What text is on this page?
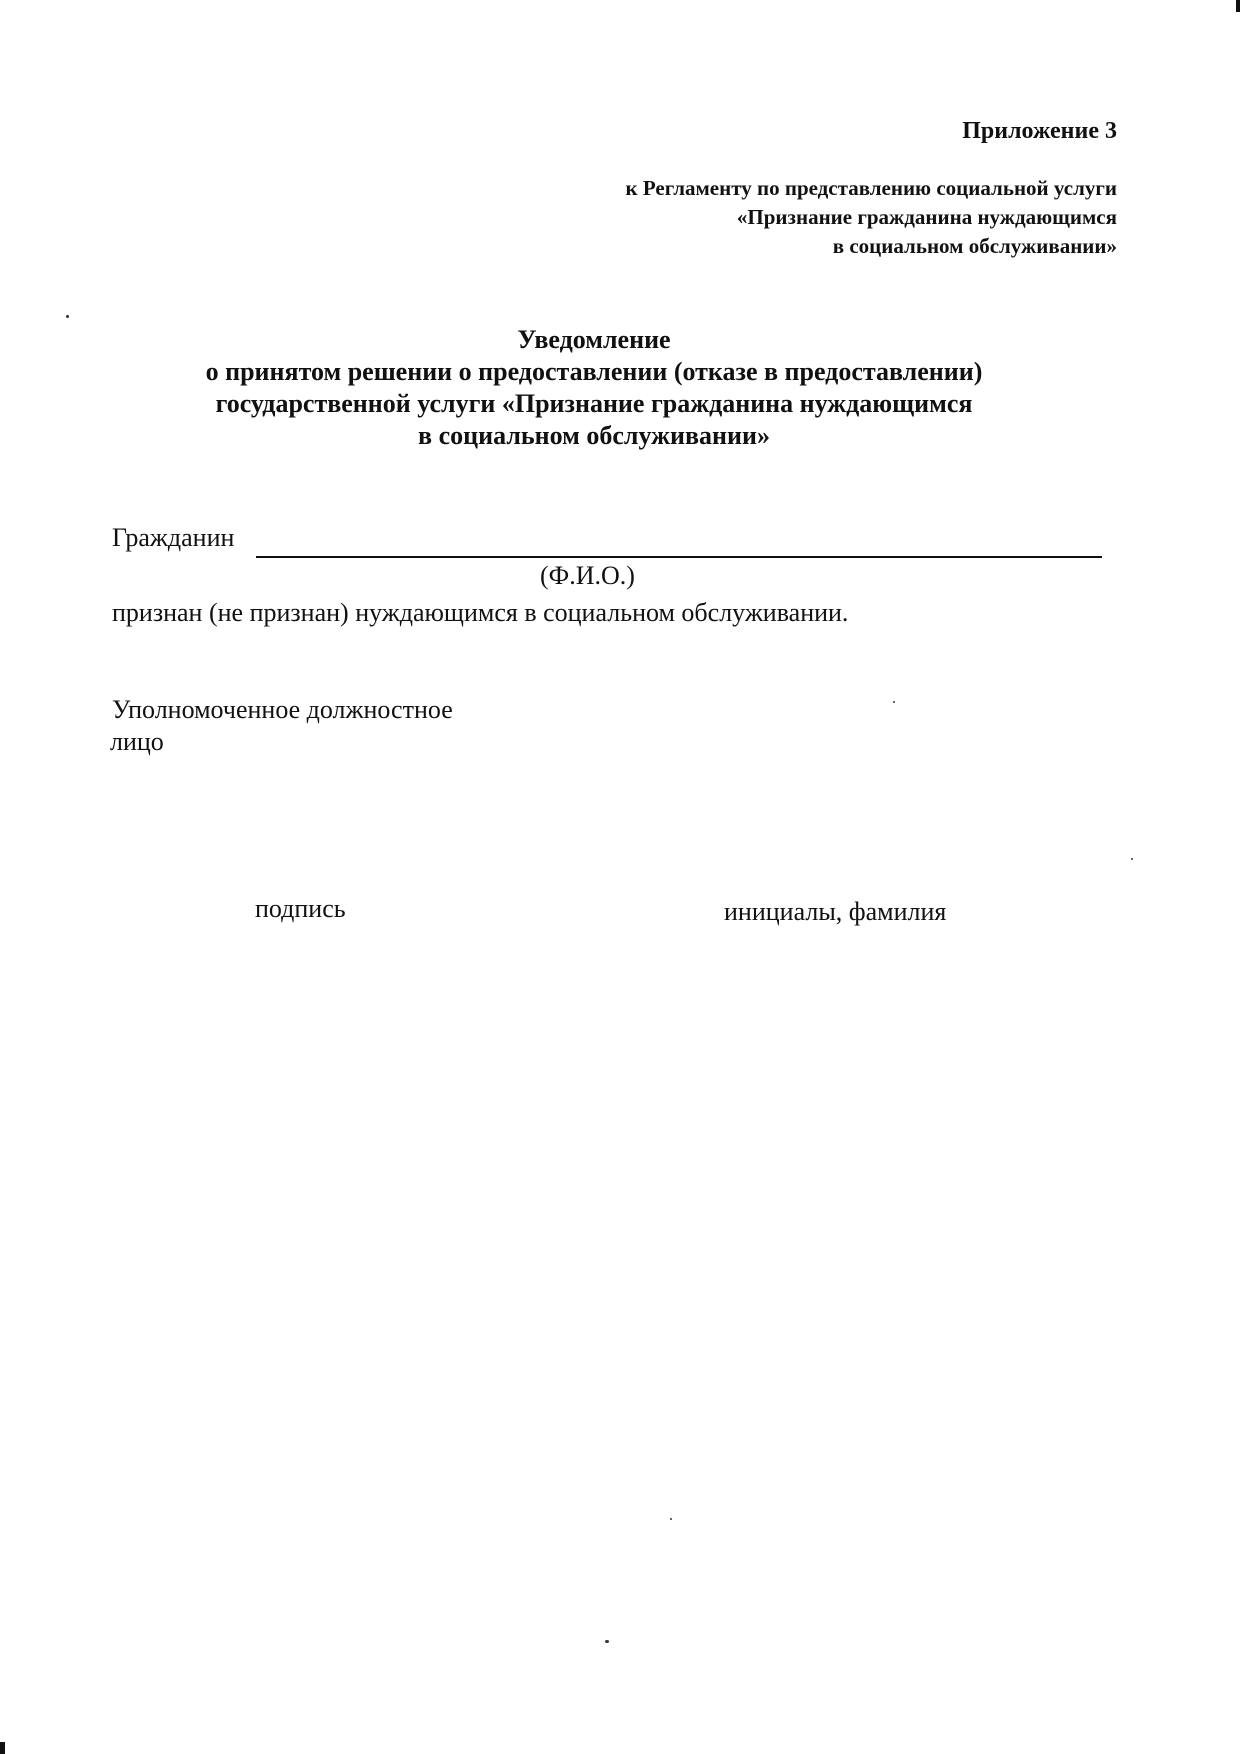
Приложение 3
к Регламенту по представлению социальной услуги
«Признание гражданина нуждающимся
в социальном обслуживании»
Уведомление
о принятом решении о предоставлении (отказе в предоставлении)
государственной услуги «Признание гражданина нуждающимся
в социальном обслуживании»
Гражданин
(Ф.И.О.)
признан (не признан) нуждающимся в социальном обслуживании.
Уполномоченное должностное
лицо
подпись	инициалы, фамилия
